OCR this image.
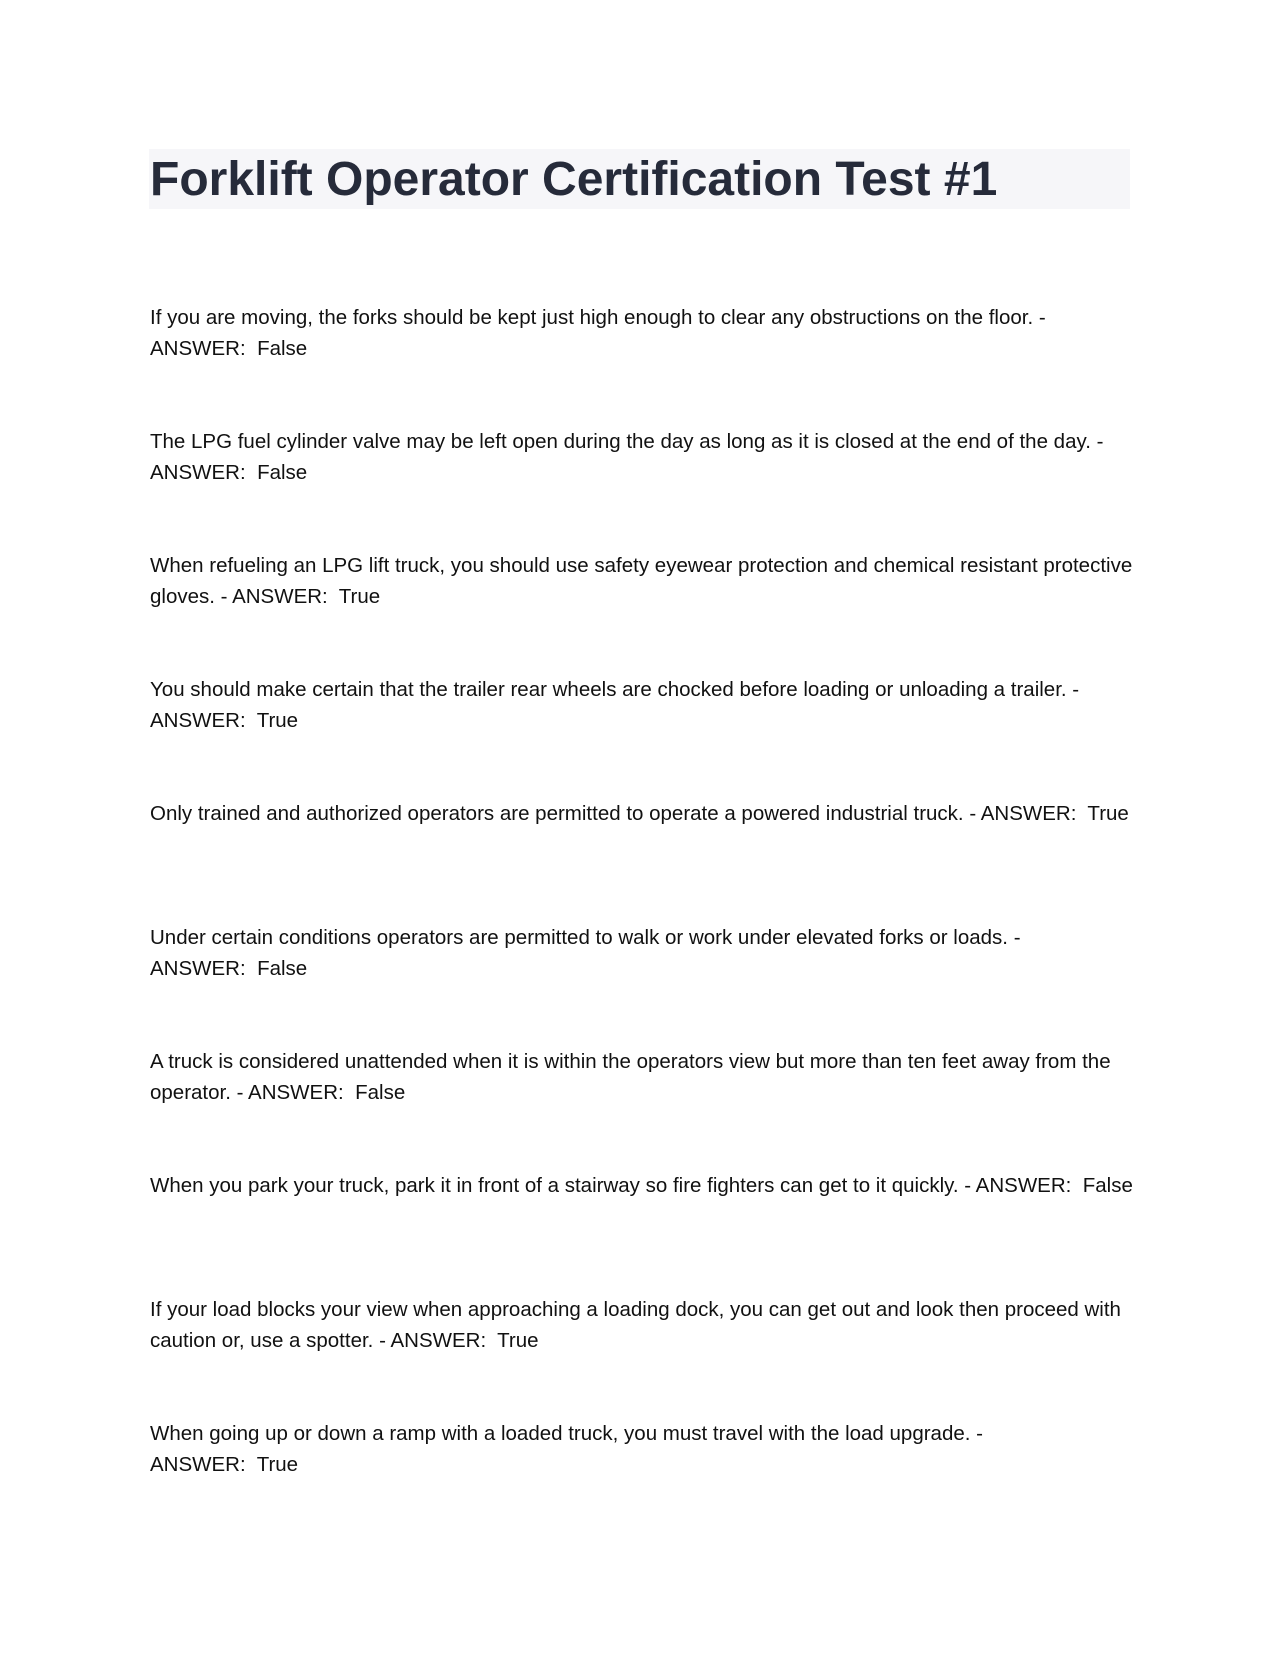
Forklift Operator Certification Test #1

If you are moving, the forks should be kept just high enough to clear any obstructions on the floor. - ANSWER:  False

The LPG fuel cylinder valve may be left open during the day as long as it is closed at the end of the day. - ANSWER:  False

When refueling an LPG lift truck, you should use safety eyewear protection and chemical resistant protective gloves. - ANSWER:  True

You should make certain that the trailer rear wheels are chocked before loading or unloading a trailer. - ANSWER:  True

Only trained and authorized operators are permitted to operate a powered industrial truck. - ANSWER:  True

Under certain conditions operators are permitted to walk or work under elevated forks or loads. - ANSWER:  False

A truck is considered unattended when it is within the operators view but more than ten feet away from the operator. - ANSWER:  False

When you park your truck, park it in front of a stairway so fire fighters can get to it quickly. - ANSWER:  False

If your load blocks your view when approaching a loading dock, you can get out and look then proceed with caution or, use a spotter. - ANSWER:  True

When going up or down a ramp with a loaded truck, you must travel with the load upgrade. - ANSWER:  True
